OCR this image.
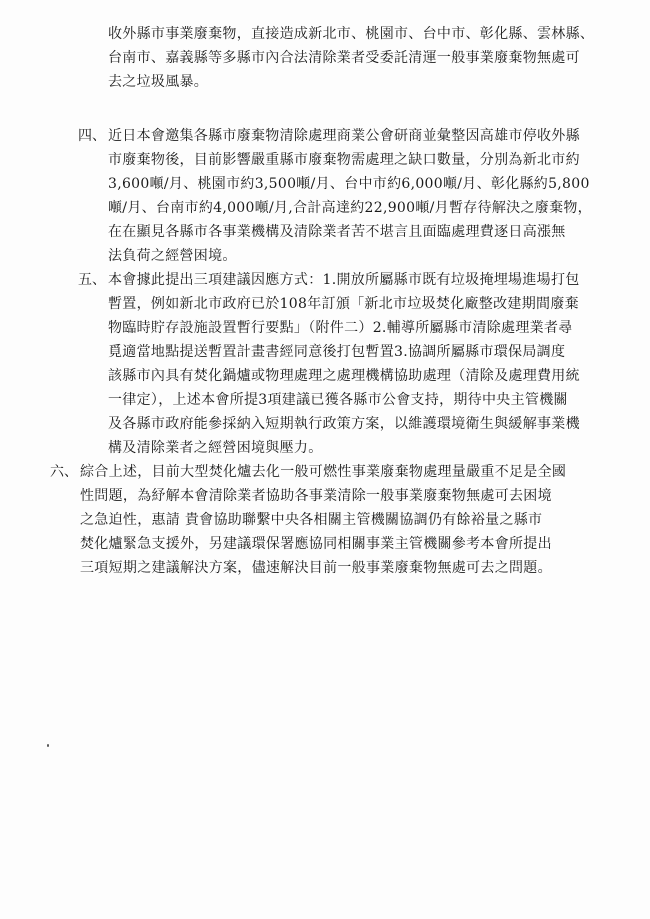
收外縣市事業廢棄物，直接造成新北市、桃園市、台中市、彰化縣、雲林縣、
台南市、嘉義縣等多縣市內合法清除業者受委託清運一般事業廢棄物無處可
去之垃圾風暴。
四、 近日本會邀集各縣市廢棄物清除處理商業公會研商並彙整因高雄市停收外縣
市廢棄物後，目前影響嚴重縣市廢棄物需處理之缺口數量，分別為新北市約
3,600噸/月、桃園市約3,500噸/月、台中市約6,000噸/月、彰化縣約5,800
噸/月、台南市約4,000噸/月,合計高達約22,900噸/月暫存待解決之廢棄物，
在在顯見各縣市各事業機構及清除業者苦不堪言且面臨處理費逐日高漲無
法負荷之經營困境。
五、 本會據此提出三項建議因應方式：1.開放所屬縣市既有垃圾掩埋場進場打包
暫置，例如新北市政府已於108年訂頒「新北市垃圾焚化廠整改建期間廢棄
物臨時貯存設施設置暫行要點」（附件二）2.輔導所屬縣市清除處理業者尋
覓適當地點提送暫置計畫書經同意後打包暫置3.協調所屬縣市環保局調度
該縣市內具有焚化鍋爐或物理處理之處理機構協助處理（清除及處理費用統
一律定），上述本會所提3項建議已獲各縣市公會支持，期待中央主管機關
及各縣市政府能參採納入短期執行政策方案，以維護環境衛生與緩解事業機
構及清除業者之經營困境與壓力。
六、 綜合上述，目前大型焚化爐去化一般可燃性事業廢棄物處理量嚴重不足是全國
性問題，為紓解本會清除業者協助各事業清除一般事業廢棄物無處可去困境
之急迫性，惠請 貴會協助聯繫中央各相關主管機關協調仍有餘裕量之縣市
焚化爐緊急支援外，另建議環保署應協同相關事業主管機關參考本會所提出
三項短期之建議解決方案，儘速解決目前一般事業廢棄物無處可去之問題。
